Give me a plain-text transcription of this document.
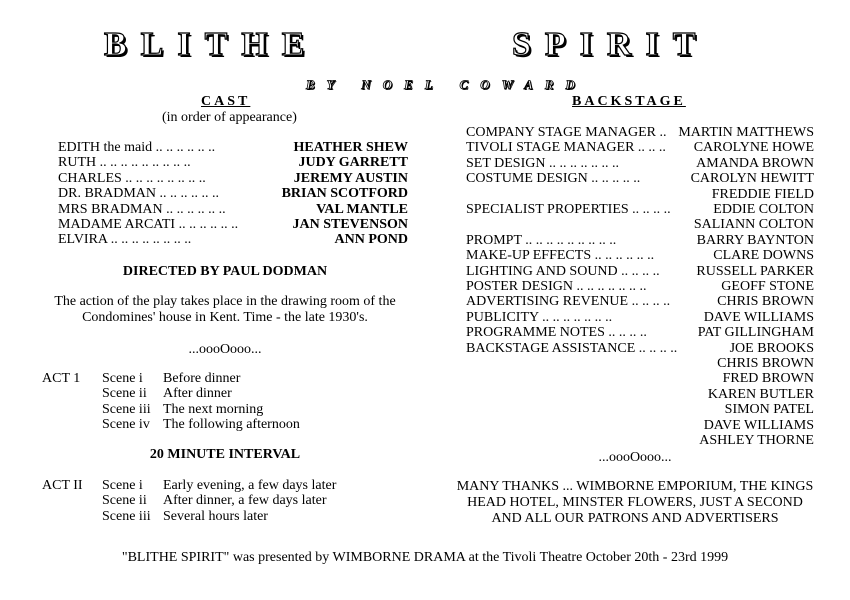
BLITHE	SPIRIT
BY NOEL COWARD
CAST
(in order of appearance)
EDITH the maid .. .. .. .. .. ..	HEATHER SHEW
RUTH .. .. .. .. .. .. .. .. ..	JUDY GARRETT
CHARLES .. .. .. .. .. .. .. ..	JEREMY AUSTIN
DR. BRADMAN .. .. .. .. .. ..	BRIAN SCOTFORD
MRS BRADMAN .. .. .. .. .. ..	VAL MANTLE
MADAME ARCATI .. .. .. .. .. ..	JAN STEVENSON
ELVIRA .. .. .. .. .. .. .. ..	ANN POND
DIRECTED BY PAUL DODMAN
The action of the play takes place in the drawing room of the
Condomines' house in Kent. Time - the late 1930's.
...oooOooo...
ACT 1 Scene i Before dinner
Scene ii After dinner
Scene iii The next morning
Scene iv The following afternoon
20 MINUTE INTERVAL
ACT II Scene i Early evening, a few days later
Scene ii After dinner, a few days later
Scene iii Several hours later
BACKSTAGE
COMPANY STAGE MANAGER .. MARTIN MATTHEWS
TIVOLI STAGE MANAGER .. .. .. CAROLYNE HOWE
SET DESIGN .. .. .. .. .. .. ..	AMANDA BROWN
COSTUME DESIGN .. .. .. .. ..	CAROLYN HEWITT
FREDDIE FIELD
SPECIALIST PROPERTIES .. .. .. ..	EDDIE COLTON
SALIANN COLTON
PROMPT .. .. .. .. .. .. .. .. ..	BARRY BAYNTON
MAKE-UP EFFECTS .. .. .. .. .. ..	CLARE DOWNS
LIGHTING AND SOUND .. .. .. ..	RUSSELL PARKER
POSTER DESIGN .. .. .. .. .. .. ..	GEOFF STONE
ADVERTISING REVENUE .. .. .. ..	CHRIS BROWN
PUBLICITY .. .. .. .. .. .. ..	DAVE WILLIAMS
PROGRAMME NOTES .. .. .. ..	PAT GILLINGHAM
BACKSTAGE ASSISTANCE .. .. .. ..	JOE BROOKS
CHRIS BROWN
FRED BROWN
KAREN BUTLER
SIMON PATEL
DAVE WILLIAMS
ASHLEY THORNE
...oooOooo...
MANY THANKS ... WIMBORNE EMPORIUM, THE KINGS
HEAD HOTEL, MINSTER FLOWERS, JUST A SECOND
AND ALL OUR PATRONS AND ADVERTISERS
"BLITHE SPIRIT" was presented by WIMBORNE DRAMA at the Tivoli Theatre October 20th - 23rd 1999
